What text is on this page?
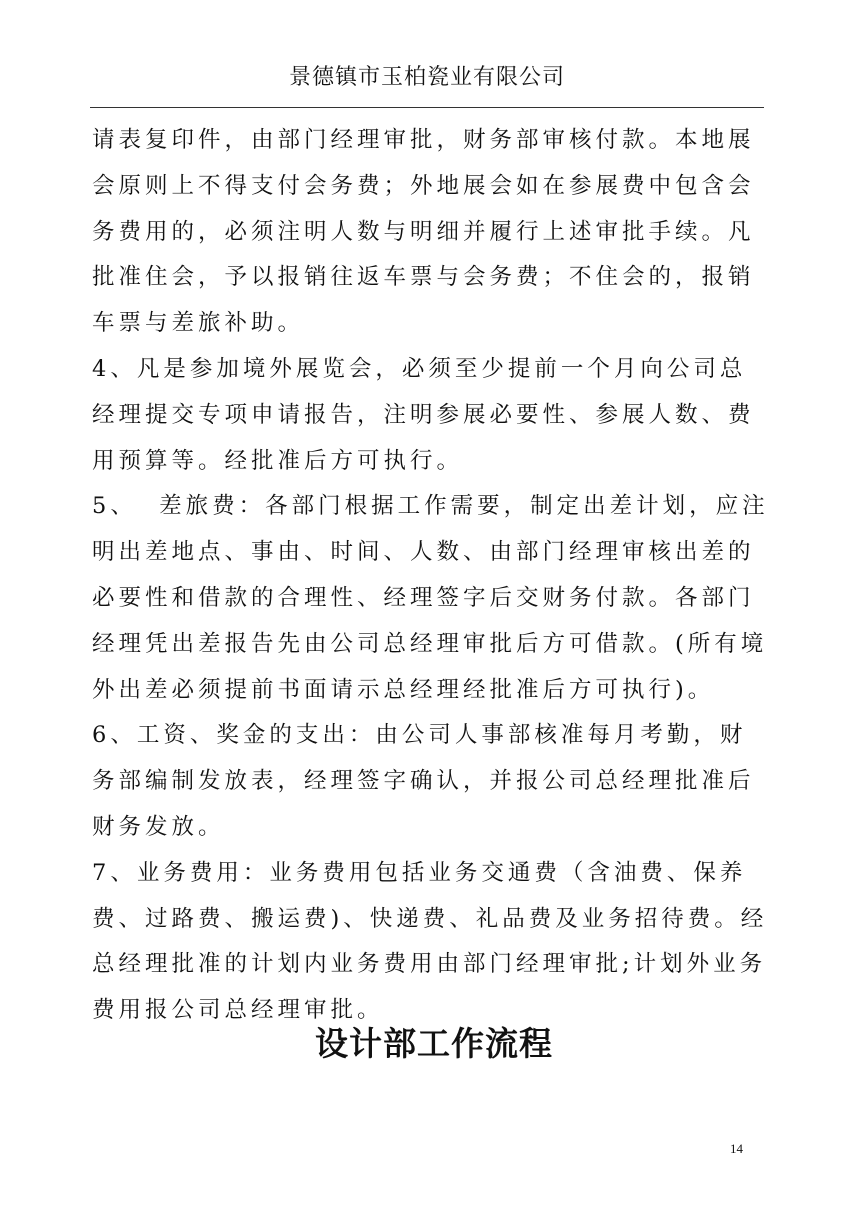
景德镇市玉柏瓷业有限公司

请表复印件，由部门经理审批，财务部审核付款。本地展会原则上不得支付会务费；外地展会如在参展费中包含会务费用的，必须注明人数与明细并履行上述审批手续。凡批准住会，予以报销往返车票与会务费；不住会的，报销车票与差旅补助。

4、凡是参加境外展览会，必须至少提前一个月向公司总经理提交专项申请报告，注明参展必要性、参展人数、费用预算等。经批准后方可执行。

5、  差旅费：各部门根据工作需要，制定出差计划，应注明出差地点、事由、时间、人数、由部门经理审核出差的必要性和借款的合理性、经理签字后交财务付款。各部门经理凭出差报告先由公司总经理审批后方可借款。(所有境外出差必须提前书面请示总经理经批准后方可执行)。

6、工资、奖金的支出：由公司人事部核准每月考勤，财务部编制发放表，经理签字确认，并报公司总经理批准后财务发放。

7、业务费用：业务费用包括业务交通费（含油费、保养费、过路费、搬运费)、快递费、礼品费及业务招待费。经总经理批准的计划内业务费用由部门经理审批;计划外业务费用报公司总经理审批。

设计部工作流程
14
